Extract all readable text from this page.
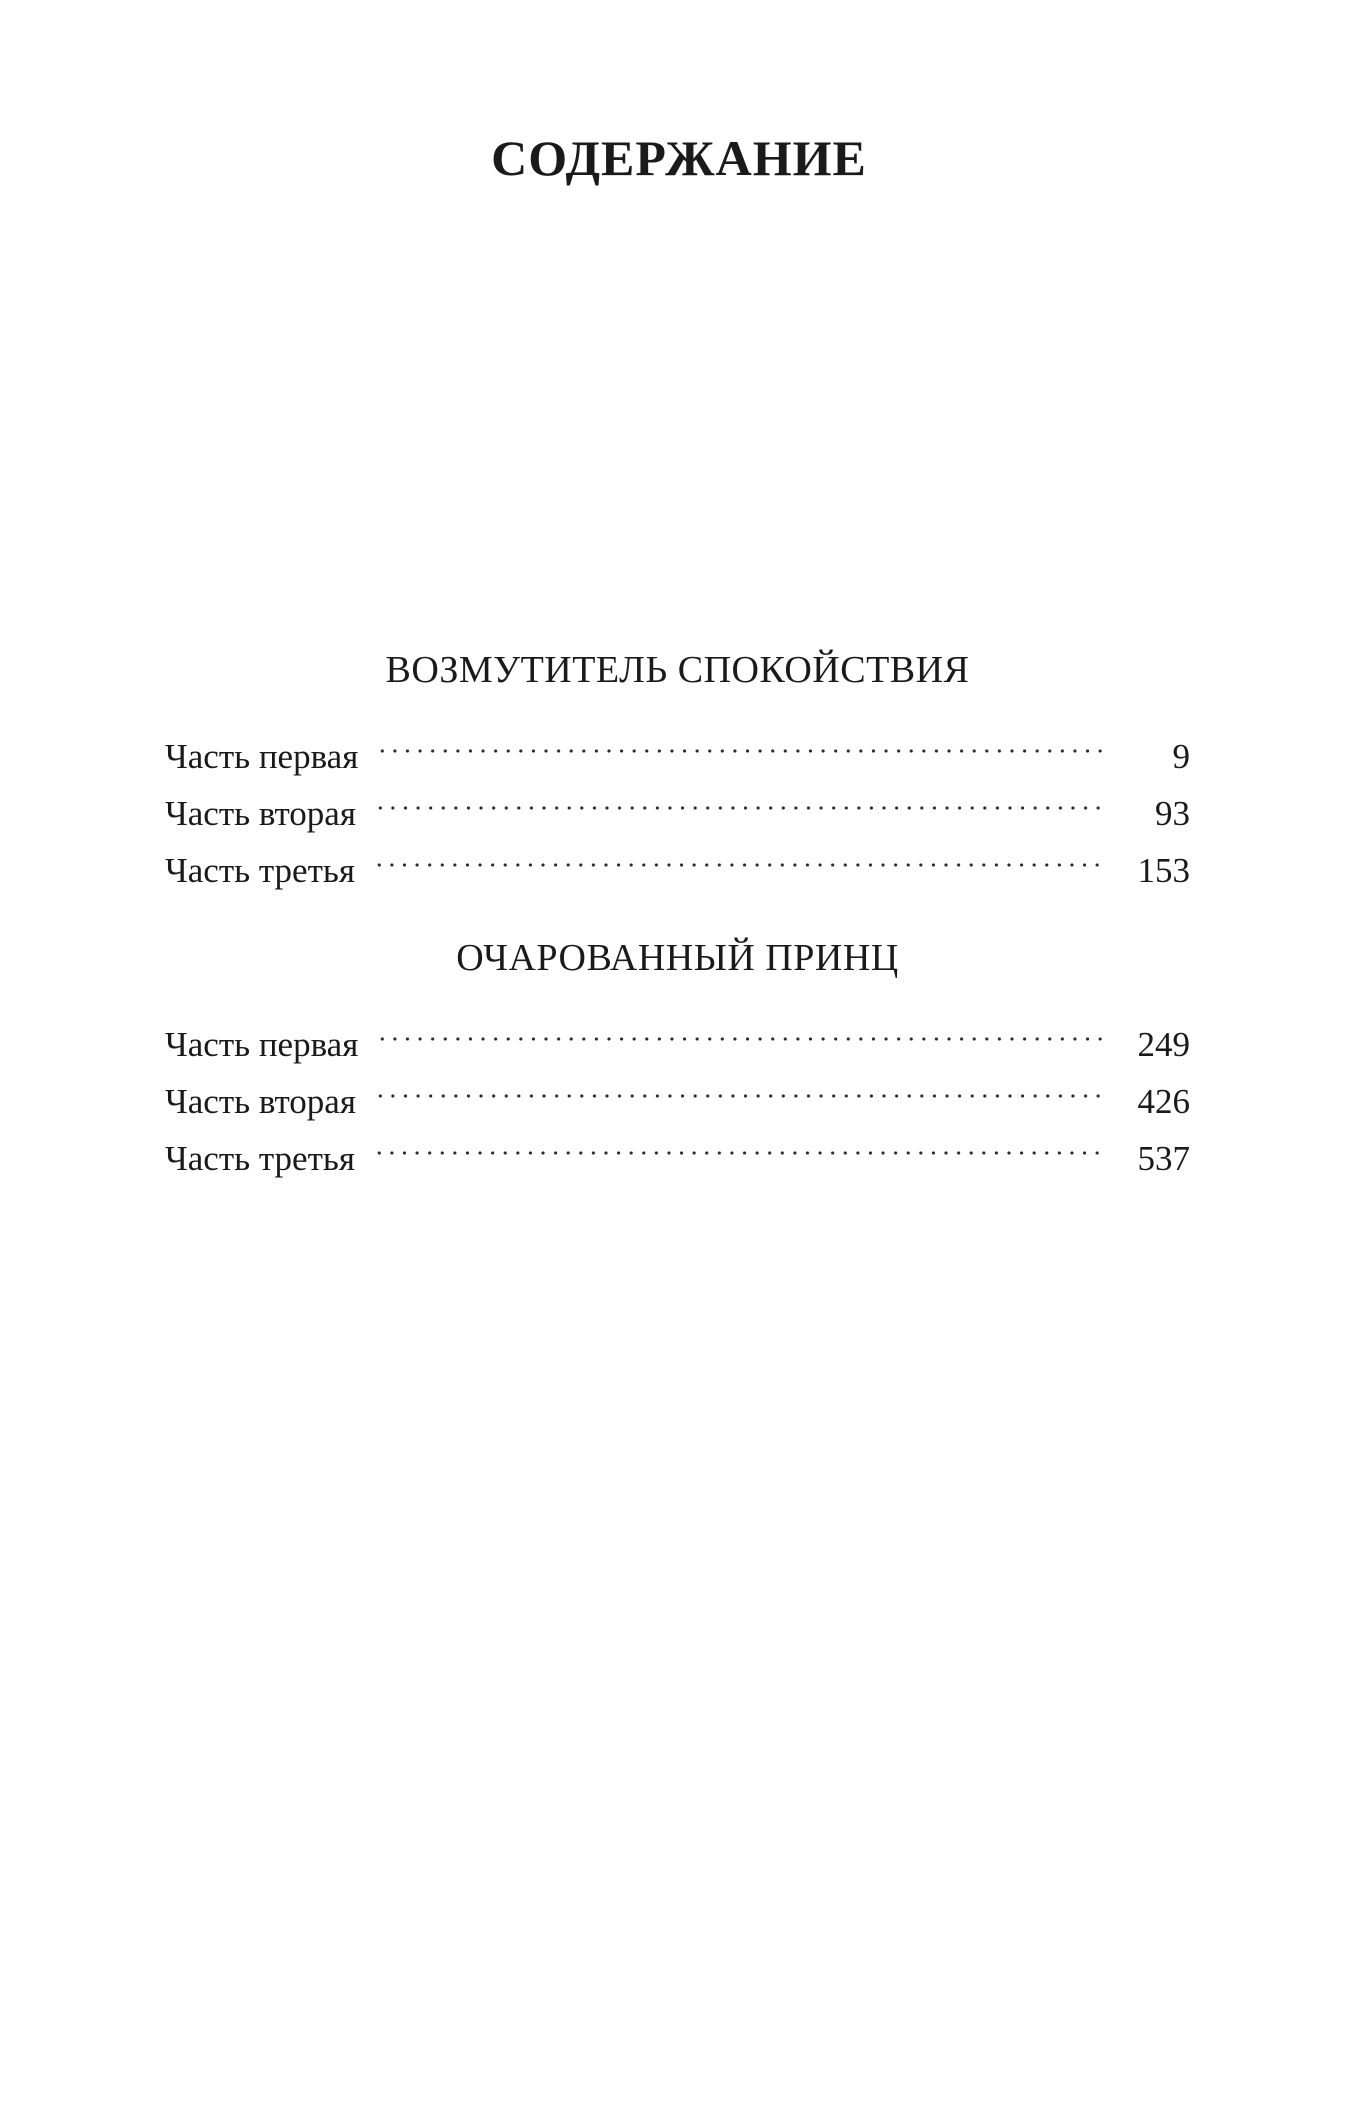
СОДЕРЖАНИЕ
ВОЗМУТИТЕЛЬ СПОКОЙСТВИЯ
Часть первая	9
Часть вторая	93
Часть третья	153
ОЧАРОВАННЫЙ ПРИНЦ
Часть первая	249
Часть вторая	426
Часть третья	537
